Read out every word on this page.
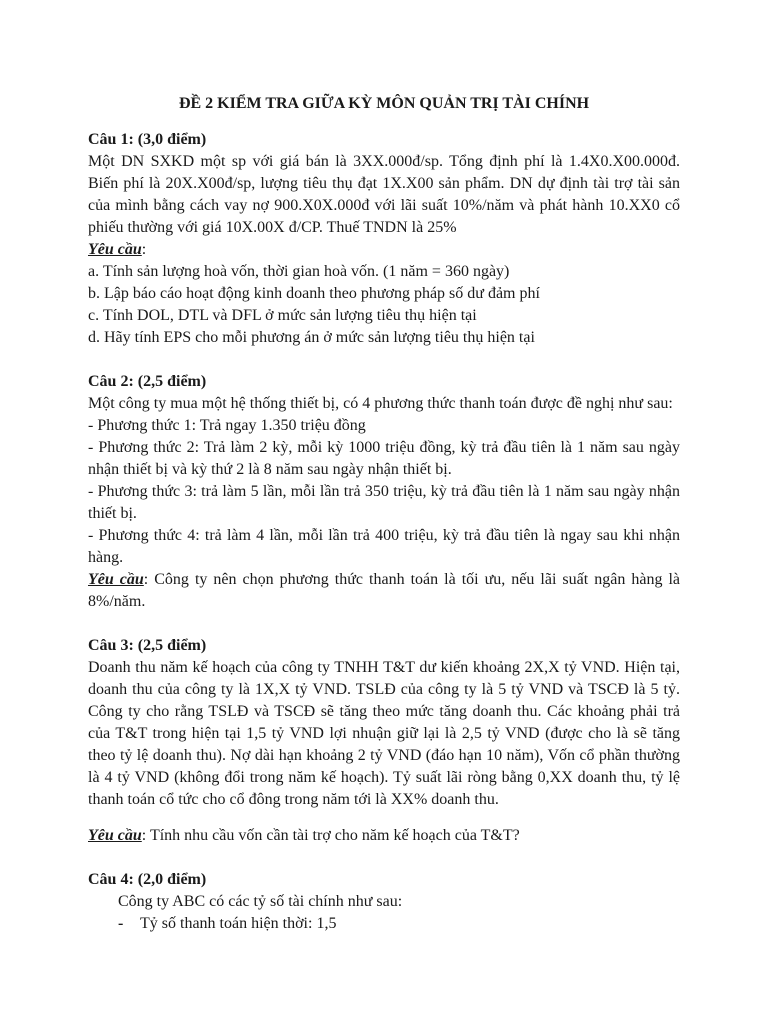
ĐỀ 2 KIỂM TRA GIỮA KỲ MÔN QUẢN TRỊ TÀI CHÍNH

Câu 1: (3,0 điểm)

Một DN SXKD một sp với giá bán là 3XX.000đ/sp. Tổng định phí là 1.4X0.X00.000đ. Biến phí là 20X.X00đ/sp, lượng tiêu thụ đạt 1X.X00 sản phẩm. DN dự định tài trợ tài sản của mình bằng cách vay nợ 900.X0X.000đ với lãi suất 10%/năm và phát hành 10.XX0 cổ phiếu thường với giá 10X.00X đ/CP. Thuế TNDN là 25%

Yêu cầu:

a. Tính sản lượng hoà vốn, thời gian hoà vốn. (1 năm = 360 ngày)

b. Lập báo cáo hoạt động kinh doanh theo phương pháp số dư đảm phí

c. Tính DOL, DTL và DFL ở mức sản lượng tiêu thụ hiện tại

d. Hãy tính EPS cho mỗi phương án ở mức sản lượng tiêu thụ hiện tại

Câu 2: (2,5 điểm)

Một công ty mua một hệ thống thiết bị, có 4 phương thức thanh toán được đề nghị như sau:

- Phương thức 1: Trả ngay 1.350 triệu đồng

- Phương thức 2: Trả làm 2 kỳ, mỗi kỳ 1000 triệu đồng, kỳ trả đầu tiên là 1 năm sau ngày nhận thiết bị và kỳ thứ 2 là 8 năm sau ngày nhận thiết bị.

- Phương thức 3: trả làm 5 lần, mỗi lần trả 350 triệu, kỳ trả đầu tiên là 1 năm sau ngày nhận thiết bị.

- Phương thức 4: trả làm 4 lần, mỗi lần trả 400 triệu, kỳ trả đầu tiên là ngay sau khi nhận hàng.

Yêu cầu: Công ty nên chọn phương thức thanh toán là tối ưu, nếu lãi suất ngân hàng là 8%/năm.

Câu 3: (2,5 điểm)

Doanh thu năm kế hoạch của công ty TNHH T&T dư kiến khoảng 2X,X tỷ VND. Hiện tại, doanh thu của công ty là 1X,X tỷ VND. TSLĐ của công ty là 5 tỷ VND và TSCĐ là 5 tỷ. Công ty cho rằng TSLĐ và TSCĐ sẽ tăng theo mức tăng doanh thu. Các khoảng phải trả của T&T trong hiện tại 1,5 tỷ VND lợi nhuận giữ lại là 2,5 tỷ VND (được cho là sẽ tăng theo tỷ lệ doanh thu). Nợ dài hạn khoảng 2 tỷ VND (đáo hạn 10 năm), Vốn cổ phần thường là 4 tỷ VND (không đổi trong năm kế hoạch). Tỷ suất lãi ròng bằng 0,XX doanh thu, tỷ lệ thanh toán cổ tức cho cổ đông trong năm tới là XX% doanh thu.

Yêu cầu: Tính nhu cầu vốn cần tài trợ cho năm kế hoạch của T&T?

Câu 4: (2,0 điểm)

Công ty ABC có các tỷ số tài chính như sau:

-	Tỷ số thanh toán hiện thời: 1,5
